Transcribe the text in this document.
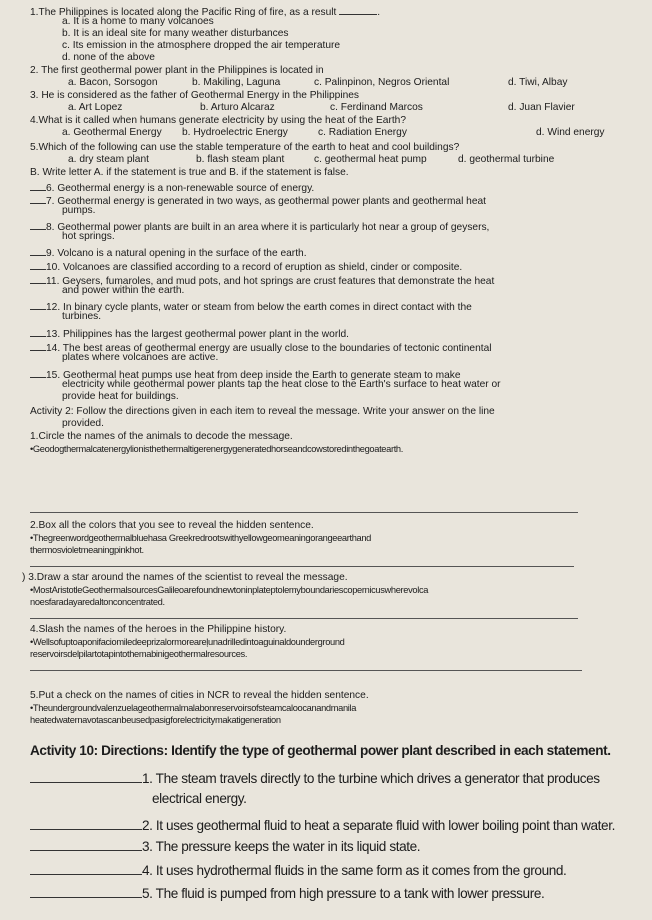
1.The Philippines is located along the Pacific Ring of fire, as a result	.
a. It is a home to many volcanoes
b. It is an ideal site for many weather disturbances
c. Its emission in the atmosphere dropped the air temperature
d. none of the above
2. The first geothermal power plant in the Philippines is located in
a. Bacon, Sorsogon	b. Makiling, Laguna	c. Palinpinon, Negros Oriental	d. Tiwi, Albay
3. He is considered as the father of Geothermal Energy in the Philippines
a. Art Lopez	b. Arturo Alcaraz	c. Ferdinand Marcos	d. Juan Flavier
4.What is it called when humans generate electricity by using the heat of the Earth?
a. Geothermal Energy b. Hydroelectric Energy	c. Radiation Energy	d. Wind energy
5.Which of the following can use the stable temperature of the earth to heat and cool buildings?
a. dry steam plant	b. flash steam plant	c. geothermal heat pump	d. geothermal turbine
B. Write letter A. if the statement is true and B. if the statement is false.
6. Geothermal energy is a non-renewable source of energy.
7. Geothermal energy is generated in two ways, as geothermal power plants and geothermal heat
pumps.
8. Geothermal power plants are built in an area where it is particularly hot near a group of geysers,
hot springs.
9. Volcano is a natural opening in the surface of the earth.
10. Volcanoes are classified according to a record of eruption as shield, cinder or composite.
11. Geysers, fumaroles, and mud pots, and hot springs are crust features that demonstrate the heat
and power within the earth.
12. In binary cycle plants, water or steam from below the earth comes in direct contact with the
turbines.
13. Philippines has the largest geothermal power plant in the world.
14. The best areas of geothermal energy are usually close to the boundaries of tectonic continental
plates where volcanoes are active.
15. Geothermal heat pumps use heat from deep inside the Earth to generate steam to make
electricity while geothermal power plants tap the heat close to the Earth's surface to heat water or
provide heat for buildings.
Activity 2: Follow the directions given in each item to reveal the message. Write your answer on the line
provided.
1.Circle the names of the animals to decode the message.
•Geodogthermalcatenergylionisthethermaltigerenergygeneratedhorseandcowstoredinthegoatearth.
2.Box all the colors that you see to reveal the hidden sentence.
•Thegreenwordgeothermalbluehasa Greekredrootswithyellowgeomeaningorangeearthand
thermosvioletmeaningpinkhot.
) 3.Draw a star around the names of the scientist to reveal the message.
•MostAristotleGeothermalsourcesGalileoarefoundnewtoninplateptolemyboundariescopernicuswherevolca
noesfaradayaredaltonconcentrated.
4.Slash the names of the heroes in the Philippine history.
•Wellsofuptoaponifaciomiledeeprizalormoreareļunadrilledintoaguinaldounderground
reservoirsdelpilartotapintothemabinigeothermalresources.
5.Put a check on the names of cities in NCR to reveal the hidden sentence.
•Theundergroundvalenzuelageothermalmalabonreservoirsofsteamcaloocanandmanila
heatedwaternavotascanbeusedpasigforelectricitymakatigeneration
Activity 10: Directions: Identify the type of geothermal power plant described in each statement.
1. The steam travels directly to the turbine which drives a generator that produces
electrical energy.
2. It uses geothermal fluid to heat a separate fluid with lower boiling point than water.
3. The pressure keeps the water in its liquid state.
4. It uses hydrothermal fluids in the same form as it comes from the ground.
5. The fluid is pumped from high pressure to a tank with lower pressure.
